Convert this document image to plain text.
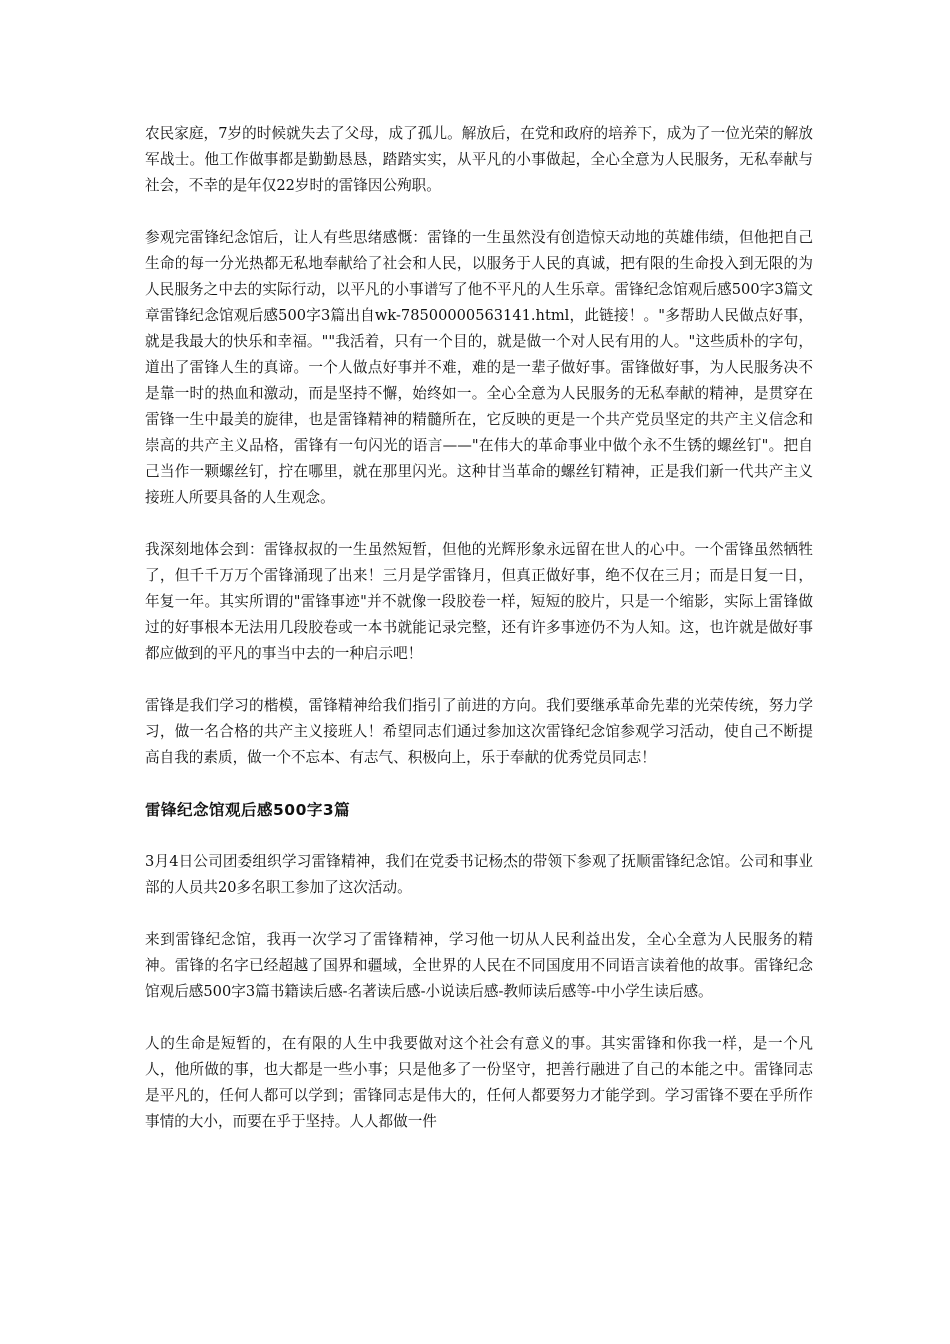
农民家庭，7岁的时候就失去了父母，成了孤儿。解放后，在党和政府的培养下，成为了一位光荣的解放军战士。他工作做事都是勤勤恳恳，踏踏实实，从平凡的小事做起，全心全意为人民服务，无私奉献与社会，不幸的是年仅22岁时的雷锋因公殉职。

参观完雷锋纪念馆后，让人有些思绪感慨：雷锋的一生虽然没有创造惊天动地的英雄伟绩，但他把自己生命的每一分光热都无私地奉献给了社会和人民，以服务于人民的真诚，把有限的生命投入到无限的为人民服务之中去的实际行动，以平凡的小事谱写了他不平凡的人生乐章。雷锋纪念馆观后感500字3篇文章雷锋纪念馆观后感500字3篇出自wk-78500000563141.html，此链接！。"多帮助人民做点好事，就是我最大的快乐和幸福。""我活着，只有一个目的，就是做一个对人民有用的人。"这些质朴的字句，道出了雷锋人生的真谛。一个人做点好事并不难，难的是一辈子做好事。雷锋做好事，为人民服务决不是靠一时的热血和激动，而是坚持不懈，始终如一。全心全意为人民服务的无私奉献的精神，是贯穿在雷锋一生中最美的旋律，也是雷锋精神的精髓所在，它反映的更是一个共产党员坚定的共产主义信念和崇高的共产主义品格，雷锋有一句闪光的语言——"在伟大的革命事业中做个永不生锈的螺丝钉"。把自己当作一颗螺丝钉，拧在哪里，就在那里闪光。这种甘当革命的螺丝钉精神，正是我们新一代共产主义接班人所要具备的人生观念。

我深刻地体会到：雷锋叔叔的一生虽然短暂，但他的光辉形象永远留在世人的心中。一个雷锋虽然牺牲了，但千千万万个雷锋涌现了出来！三月是学雷锋月，但真正做好事，绝不仅在三月；而是日复一日，年复一年。其实所谓的"雷锋事迹"并不就像一段胶卷一样，短短的胶片，只是一个缩影，实际上雷锋做过的好事根本无法用几段胶卷或一本书就能记录完整，还有许多事迹仍不为人知。这，也许就是做好事都应做到的平凡的事当中去的一种启示吧！

雷锋是我们学习的楷模，雷锋精神给我们指引了前进的方向。我们要继承革命先辈的光荣传统，努力学习，做一名合格的共产主义接班人！希望同志们通过参加这次雷锋纪念馆参观学习活动，使自己不断提高自我的素质，做一个不忘本、有志气、积极向上，乐于奉献的优秀党员同志！

雷锋纪念馆观后感500字3篇

3月4日公司团委组织学习雷锋精神，我们在党委书记杨杰的带领下参观了抚顺雷锋纪念馆。公司和事业部的人员共20多名职工参加了这次活动。

来到雷锋纪念馆，我再一次学习了雷锋精神，学习他一切从人民利益出发，全心全意为人民服务的精神。雷锋的名字已经超越了国界和疆域，全世界的人民在不同国度用不同语言读着他的故事。雷锋纪念馆观后感500字3篇书籍读后感-名著读后感-小说读后感-教师读后感等-中小学生读后感。

人的生命是短暂的，在有限的人生中我要做对这个社会有意义的事。其实雷锋和你我一样，是一个凡人，他所做的事，也大都是一些小事；只是他多了一份坚守，把善行融进了自己的本能之中。雷锋同志是平凡的，任何人都可以学到；雷锋同志是伟大的，任何人都要努力才能学到。学习雷锋不要在乎所作事情的大小，而要在乎于坚持。人人都做一件
